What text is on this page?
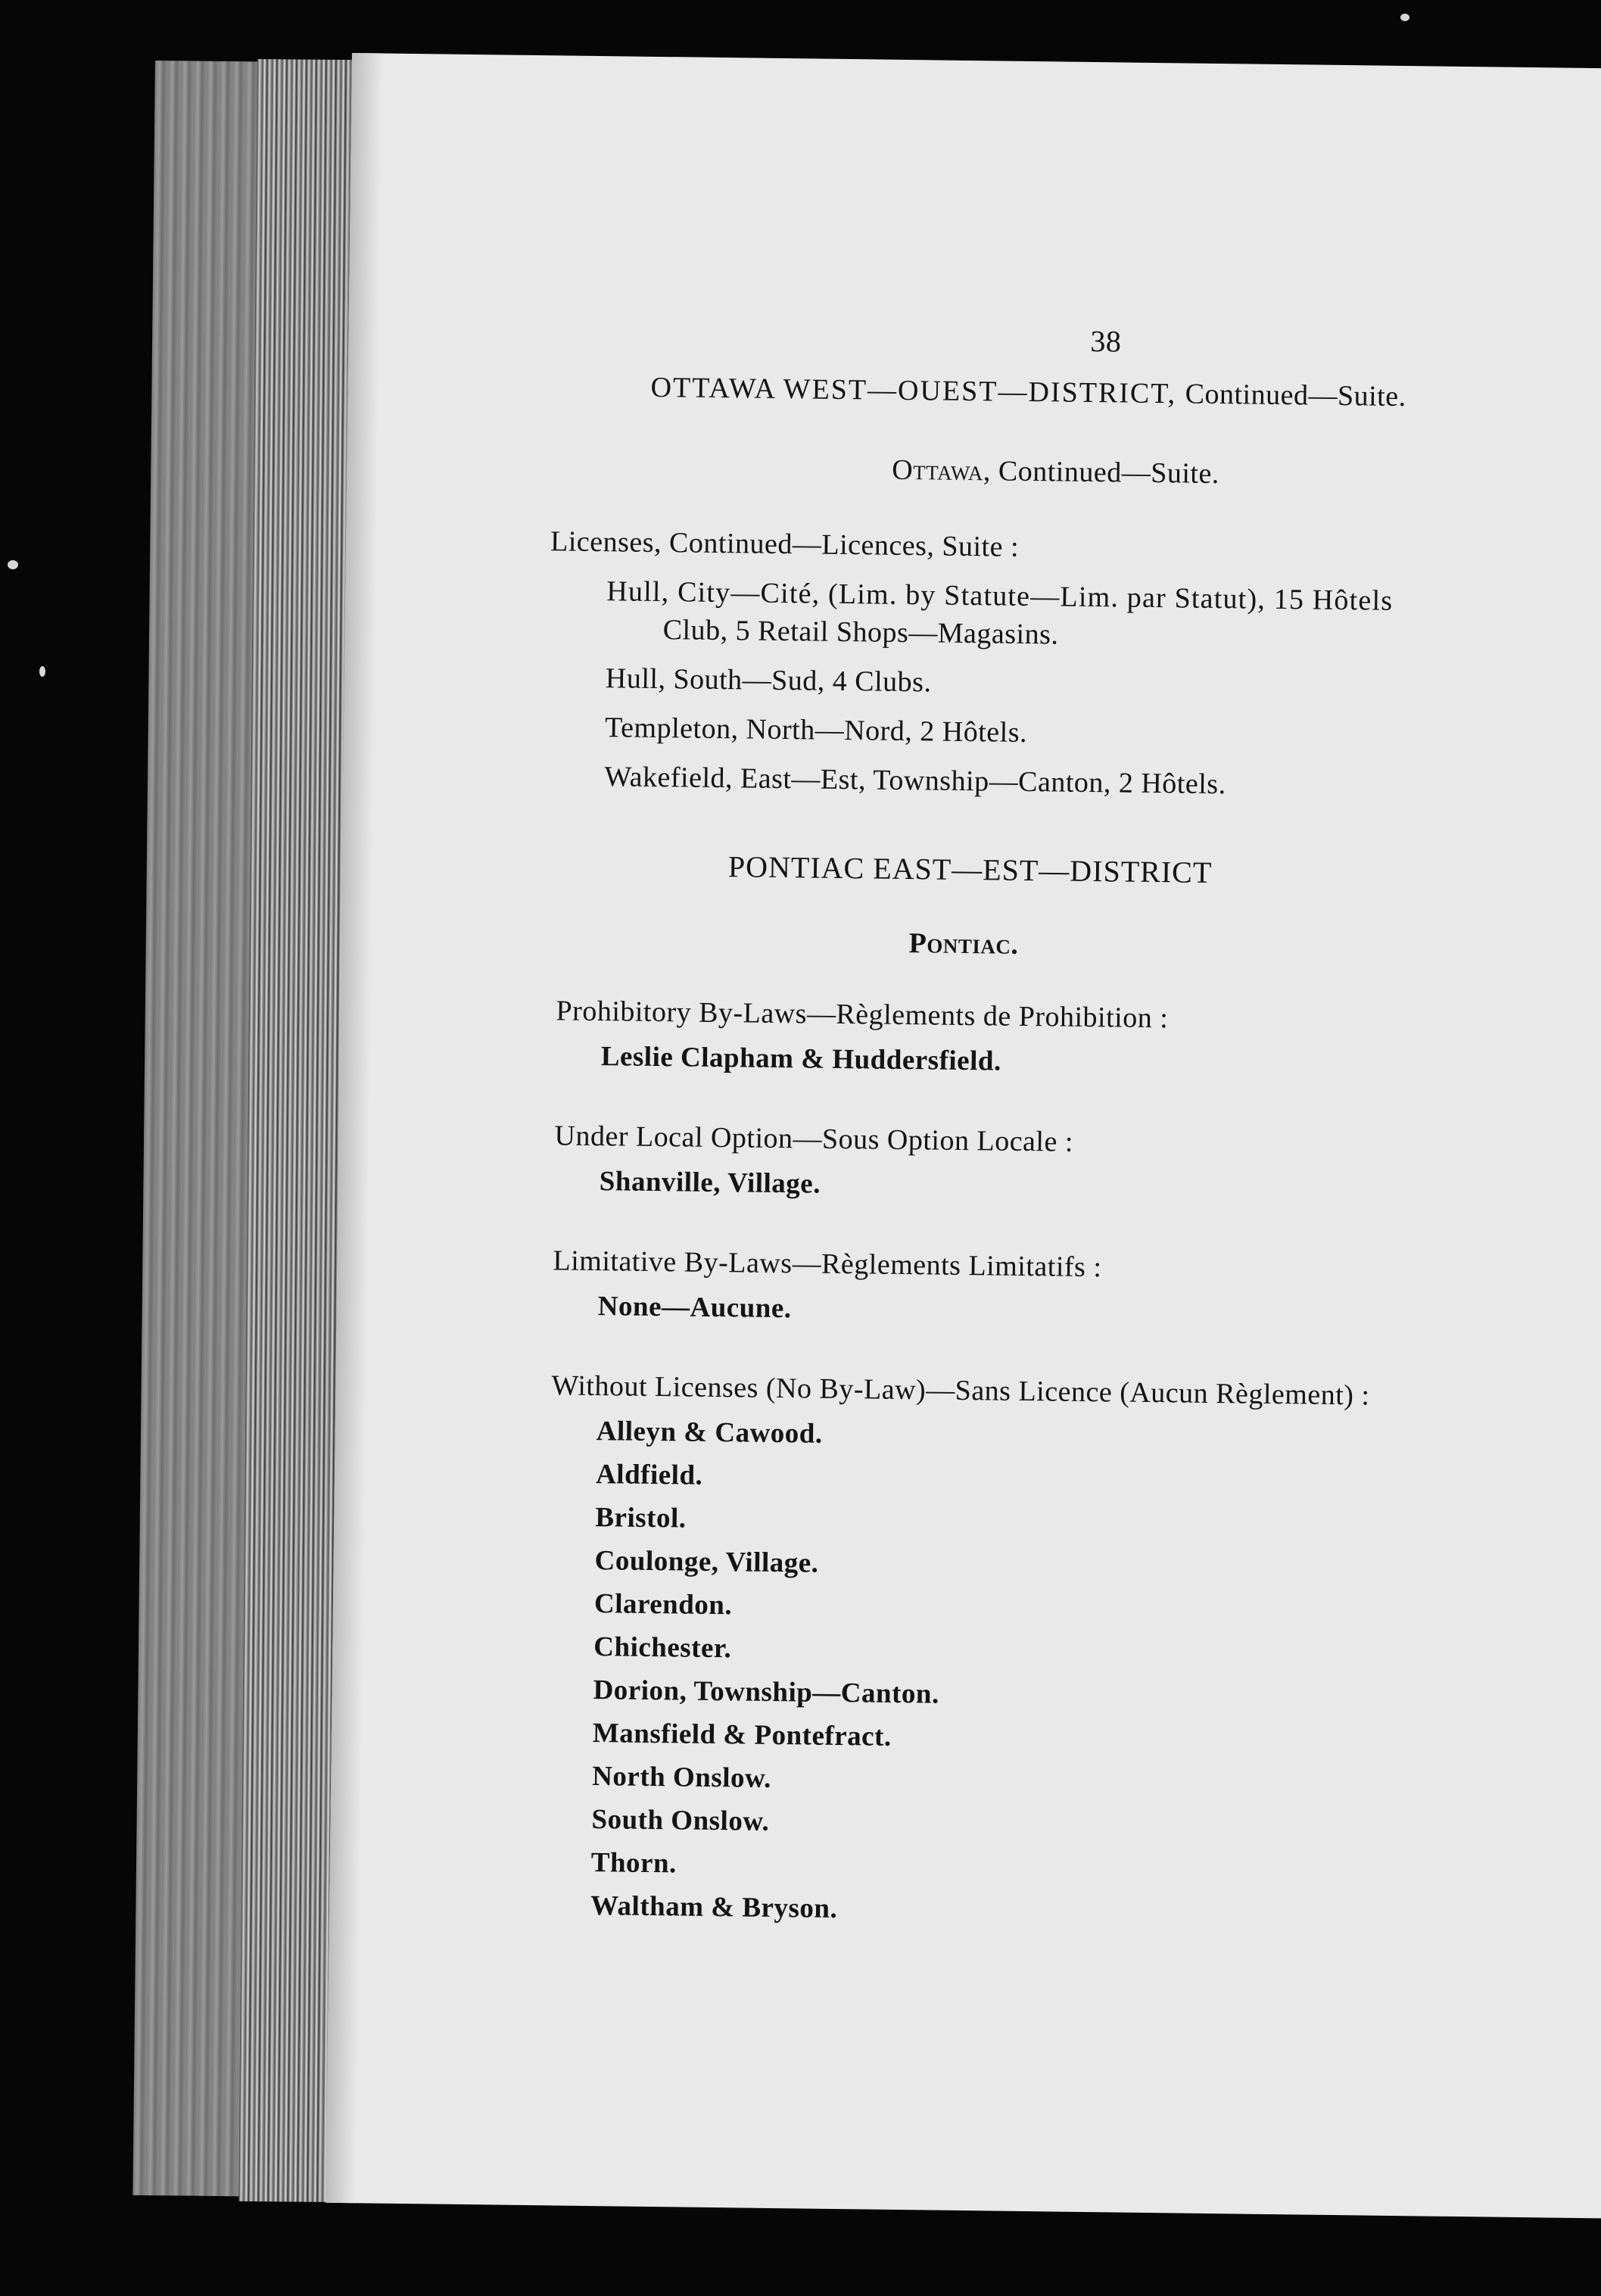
38
OTTAWA WEST—OUEST—DISTRICT, Continued—Suite.
Ottawa, Continued—Suite.
Licenses, Continued—Licences, Suite :
Hull, City—Cité, (Lim. by Statute—Lim. par Statut), 15 Hôtels
Club, 5 Retail Shops—Magasins.
Hull, South—Sud, 4 Clubs.
Templeton, North—Nord, 2 Hôtels.
Wakefield, East—Est, Township—Canton, 2 Hôtels.
PONTIAC EAST—EST—DISTRICT
Pontiac.
Prohibitory By-Laws—Règlements de Prohibition :
Leslie Clapham & Huddersfield.
Under Local Option—Sous Option Locale :
Shanville, Village.
Limitative By-Laws—Règlements Limitatifs :
None—Aucune.
Without Licenses (No By-Law)—Sans Licence (Aucun Règlement) :
Alleyn & Cawood.
Aldfield.
Bristol.
Coulonge, Village.
Clarendon.
Chichester.
Dorion, Township—Canton.
Mansfield & Pontefract.
North Onslow.
South Onslow.
Thorn.
Waltham & Bryson.
